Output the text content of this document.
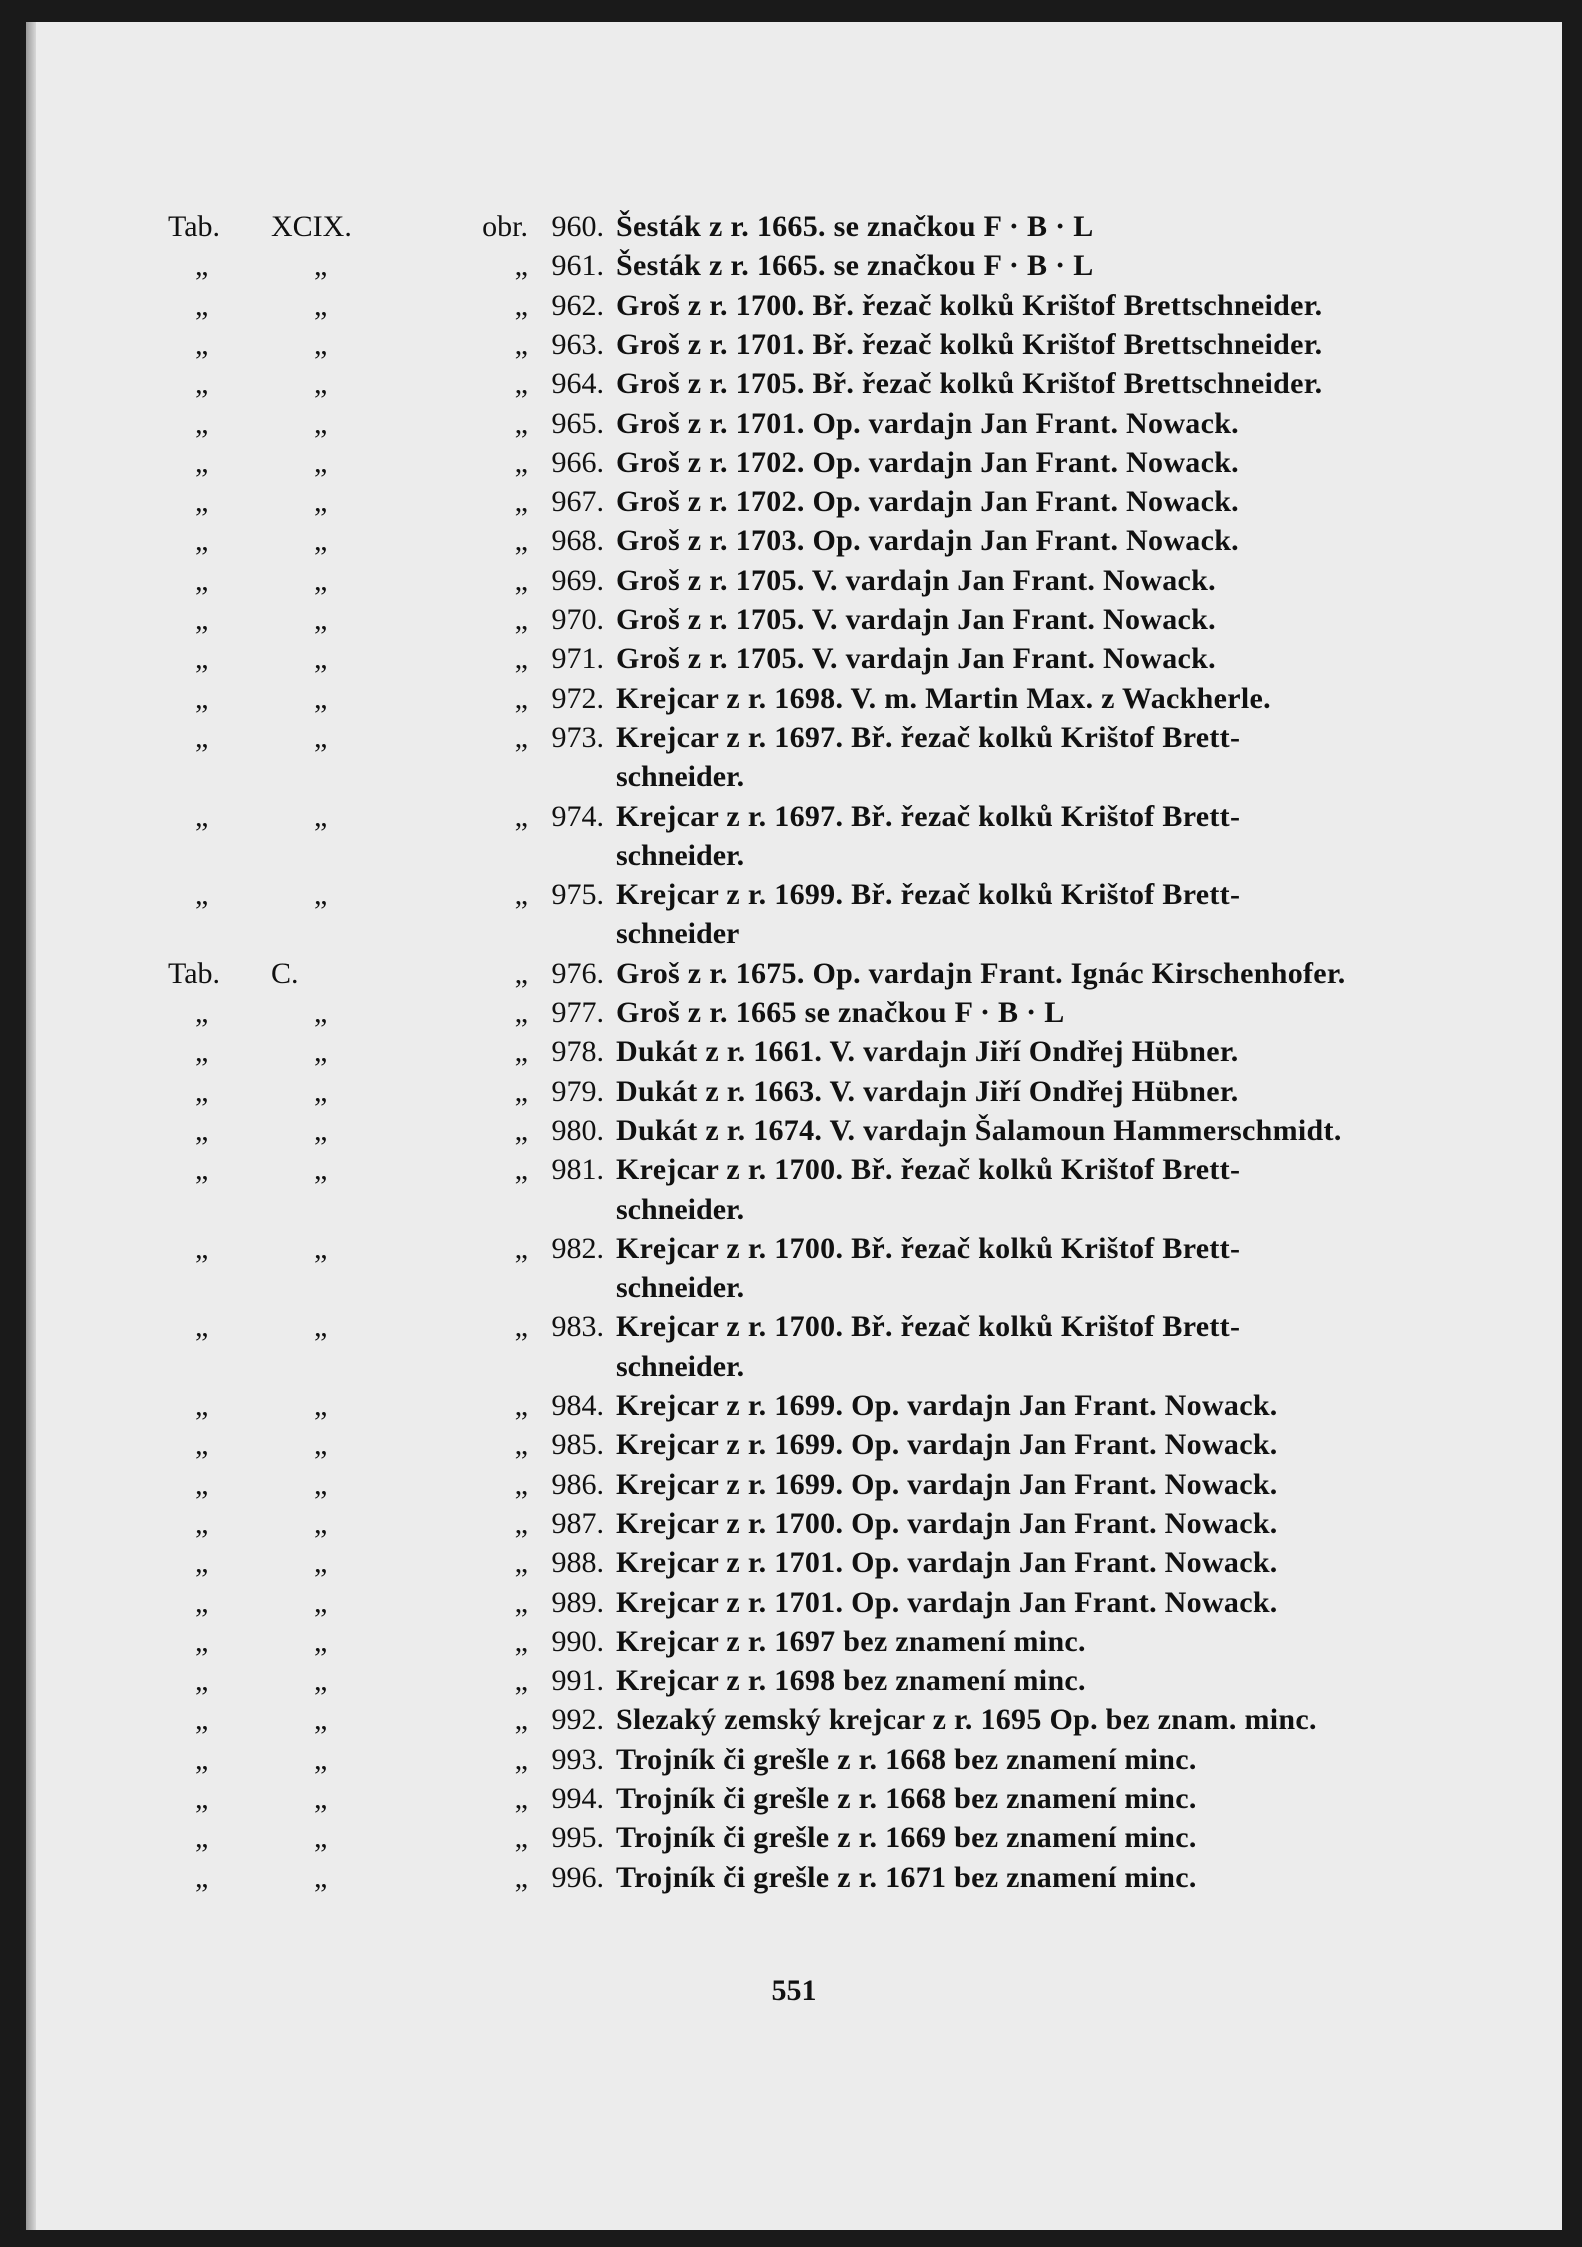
Tab. XCIX.	obr. 960. Šesták z r. 1665. se značkou F · B · L
„	„	„ 961. Šesták z r. 1665. se značkou F · B · L
„	„	„ 962. Groš z r. 1700. Bř. řezač kolků Krištof Brettschneider.
„	„	„ 963. Groš z r. 1701. Bř. řezač kolků Krištof Brettschneider.
„	„	„ 964. Groš z r. 1705. Bř. řezač kolků Krištof Brettschneider.
„	„	„ 965. Groš z r. 1701. Op. vardajn Jan Frant. Nowack.
„	„	„ 966. Groš z r. 1702. Op. vardajn Jan Frant. Nowack.
„	„	„ 967. Groš z r. 1702. Op. vardajn Jan Frant. Nowack.
„	„	„ 968. Groš z r. 1703. Op. vardajn Jan Frant. Nowack.
„	„	„ 969. Groš z r. 1705. V. vardajn Jan Frant. Nowack.
„	„	„ 970. Groš z r. 1705. V. vardajn Jan Frant. Nowack.
„	„	„ 971. Groš z r. 1705. V. vardajn Jan Frant. Nowack.
„	„	„ 972. Krejcar z r. 1698. V. m. Martin Max. z Wackherle.
„	„	„ 973. Krejcar z r. 1697. Bř. řezač kolků Krištof Brett-
schneider.
„	„	„ 974. Krejcar z r. 1697. Bř. řezač kolků Krištof Brett-
schneider.
„	„	„ 975. Krejcar z r. 1699. Bř. řezač kolků Krištof Brett-
schneider
Tab. C.	„ 976. Groš z r. 1675. Op. vardajn Frant. Ignác Kirschenhofer.
„	„	„ 977. Groš z r. 1665 se značkou F · B · L
„	„	„ 978. Dukát z r. 1661. V. vardajn Jiří Ondřej Hübner.
„	„	„ 979. Dukát z r. 1663. V. vardajn Jiří Ondřej Hübner.
„	„	„ 980. Dukát z r. 1674. V. vardajn Šalamoun Hammerschmidt.
„	„	„ 981. Krejcar z r. 1700. Bř. řezač kolků Krištof Brett-
schneider.
„	„	„ 982. Krejcar z r. 1700. Bř. řezač kolků Krištof Brett-
schneider.
„	„	„ 983. Krejcar z r. 1700. Bř. řezač kolků Krištof Brett-
schneider.
„	„	„ 984. Krejcar z r. 1699. Op. vardajn Jan Frant. Nowack.
„	„	„ 985. Krejcar z r. 1699. Op. vardajn Jan Frant. Nowack.
„	„	„ 986. Krejcar z r. 1699. Op. vardajn Jan Frant. Nowack.
„	„	„ 987. Krejcar z r. 1700. Op. vardajn Jan Frant. Nowack.
„	„	„ 988. Krejcar z r. 1701. Op. vardajn Jan Frant. Nowack.
„	„	„ 989. Krejcar z r. 1701. Op. vardajn Jan Frant. Nowack.
„	„	„ 990. Krejcar z r. 1697 bez znamení minc.
„	„	„ 991. Krejcar z r. 1698 bez znamení minc.
„	„	„ 992. Slezaký zemský krejcar z r. 1695 Op. bez znam. minc.
„	„	„ 993. Trojník či grešle z r. 1668 bez znamení minc.
„	„	„ 994. Trojník či grešle z r. 1668 bez znamení minc.
„	„	„ 995. Trojník či grešle z r. 1669 bez znamení minc.
„	„	„ 996. Trojník či grešle z r. 1671 bez znamení minc.
551
